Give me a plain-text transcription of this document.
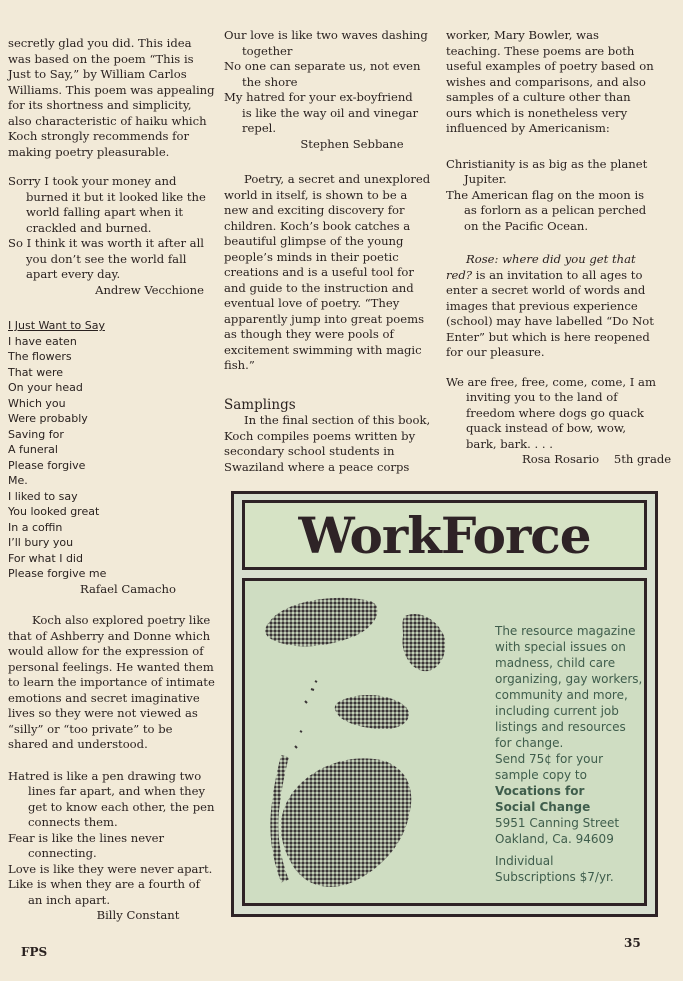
secretly glad you did. This idea

was based on the poem “This is

Just to Say,” by William Carlos

Williams. This poem was appealing

for its shortness and simplicity,

also characteristic of haiku which

Koch strongly recommends for

making poetry pleasurable.

Sorry I took your money and

burned it but it looked like the

world falling apart when it

crackled and burned.

So I think it was worth it after all

you don’t see the world fall

apart every day.

Andrew Vecchione

I Just Want to Say

I have eaten

The flowers

That were

On your head

Which you

Were probably

Saving for

A funeral

Please forgive

Me.

I liked to say

You looked great

In a coffin

I’ll bury you

For what I did

Please forgive me

Rafael Camacho

Koch also explored poetry like

that of Ashberry and Donne which

would allow for the expression of

personal feelings. He wanted them

to learn the importance of intimate

emotions and secret imaginative

lives so they were not viewed as

“silly” or “too private” to be

shared and understood.

Hatred is like a pen drawing two

lines far apart, and when they

get to know each other, the pen

connects them.

Fear is like the lines never

connecting.

Love is like they were never apart.

Like is when they are a fourth of

an inch apart.

Billy Constant

Our love is like two waves dashing

together

No one can separate us, not even

the shore

My hatred for your ex-boyfriend

is like the way oil and vinegar

repel.

Stephen Sebbane

Poetry, a secret and unexplored

world in itself, is shown to be a

new and exciting discovery for

children. Koch’s book catches a

beautiful glimpse of the young

people’s minds in their poetic

creations and is a useful tool for

and guide to the instruction and

eventual love of poetry. “They

apparently jump into great poems

as though they were pools of

excitement swimming with magic

fish.”

Samplings

In the final section of this book,

Koch compiles poems written by

secondary school students in

Swaziland where a peace corps

worker, Mary Bowler, was

teaching. These poems are both

useful examples of poetry based on

wishes and comparisons, and also

samples of a culture other than

ours which is nonetheless very

influenced by Americanism:

Christianity is as big as the planet

Jupiter.

The American flag on the moon is

as forlorn as a pelican perched

on the Pacific Ocean.

Rose: where did you get that red? is an invitation to all ages to enter a secret world of words and images that previous experience (school) may have labelled “Do Not Enter” but which is here reopened for our pleasure.

We are free, free, come, come, I am

inviting you to the land of

freedom where dogs go quack

quack instead of bow, wow,

bark, bark. . . .

Rosa Rosario 5th grade

WorkForce

The resource magazine

with special issues on

madness, child care

organizing, gay workers,

community and more,

including current job

listings and resources

for change.

Send 75¢ for your

sample copy to

Vocations for

Social Change

5951 Canning Street

Oakland, Ca. 94609

Individual

Subscriptions $7/yr.

FPS
35
